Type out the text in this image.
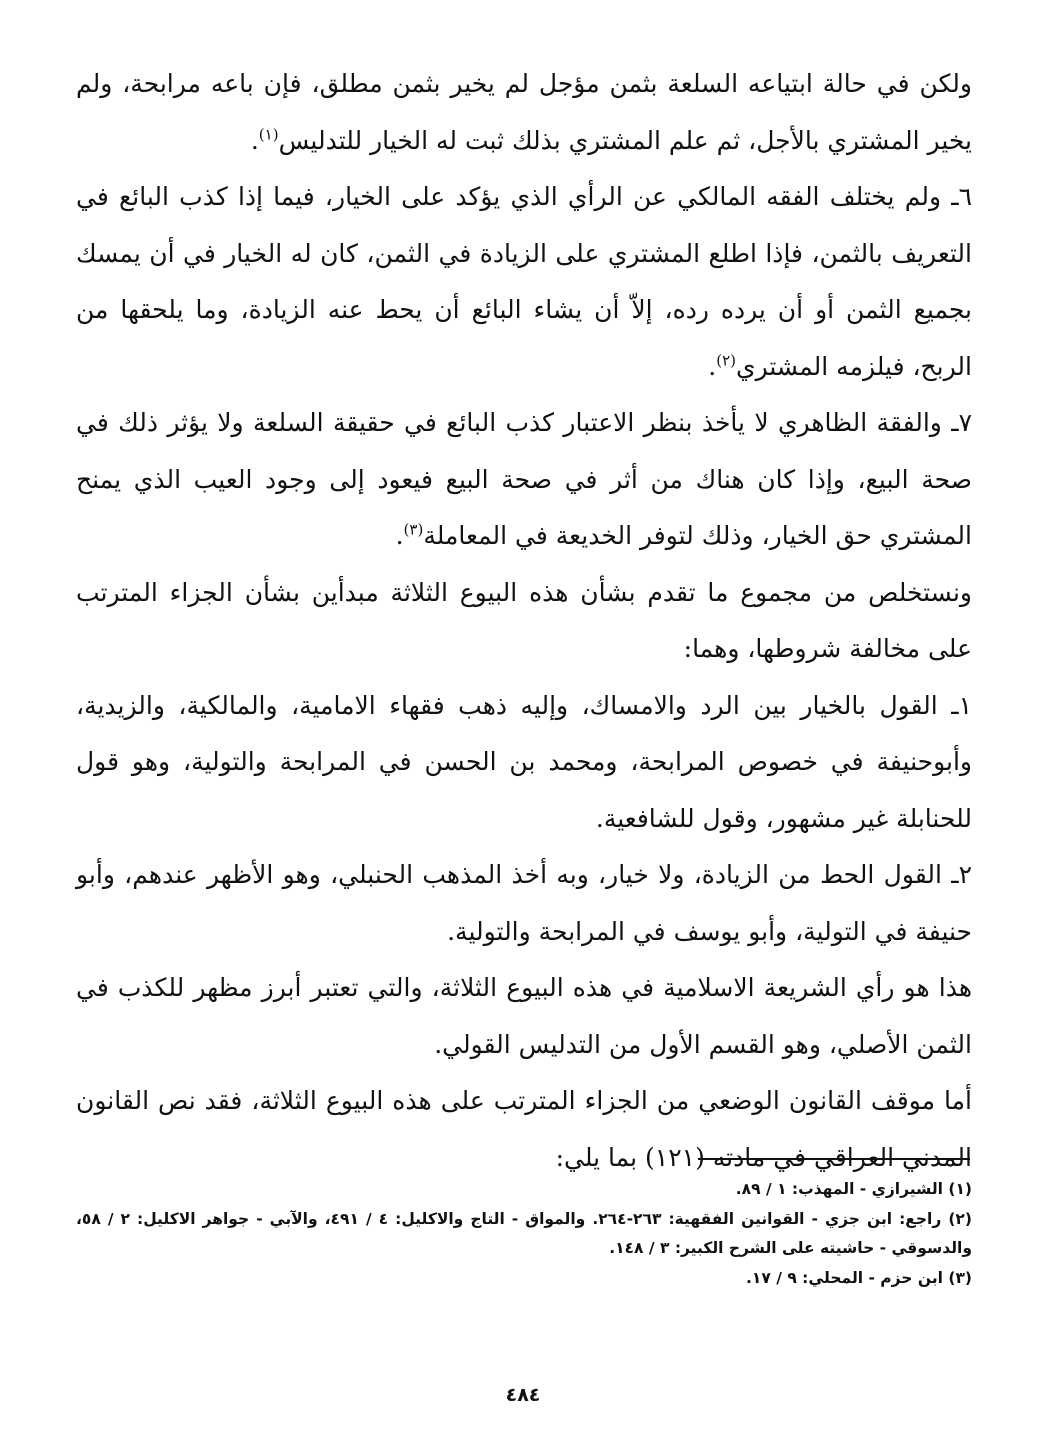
ولكن في حالة ابتياعه السلعة بثمن مؤجل لم يخير بثمن مطلق، فإن باعه مرابحة، ولم يخير المشتري بالأجل، ثم علم المشتري بذلك ثبت له الخيار للتدليس$^{(١)}$.

٦ـ ولم يختلف الفقه المالكي عن الرأي الذي يؤكد على الخيار، فيما إذا كذب البائع في التعريف بالثمن، فإذا اطلع المشتري على الزيادة في الثمن، كان له الخيار في أن يمسك بجميع الثمن أو أن يرده رده، إلاّ أن يشاء البائع أن يحط عنه الزيادة، وما يلحقها من الربح، فيلزمه المشتري$^{(٢)}$.

٧ـ والفقة الظاهري لا يأخذ بنظر الاعتبار كذب البائع في حقيقة السلعة ولا يؤثر ذلك في صحة البيع، وإذا كان هناك من أثر في صحة البيع فيعود إلى وجود العيب الذي يمنح المشتري حق الخيار، وذلك لتوفر الخديعة في المعاملة$^{(٣)}$.

ونستخلص من مجموع ما تقدم بشأن هذه البيوع الثلاثة مبدأين بشأن الجزاء المترتب على مخالفة شروطها، وهما:

١ـ القول بالخيار بين الرد والامساك، وإليه ذهب فقهاء الامامية، والمالكية، والزيدية، وأبوحنيفة في خصوص المرابحة، ومحمد بن الحسن في المرابحة والتولية، وهو قول للحنابلة غير مشهور، وقول للشافعية.

٢ـ القول الحط من الزيادة، ولا خيار، وبه أخذ المذهب الحنبلي، وهو الأظهر عندهم، وأبو حنيفة في التولية، وأبو يوسف في المرابحة والتولية.

هذا هو رأي الشريعة الاسلامية في هذه البيوع الثلاثة، والتي تعتبر أبرز مظهر للكذب في الثمن الأصلي، وهو القسم الأول من التدليس القولي.

أما موقف القانون الوضعي من الجزاء المترتب على هذه البيوع الثلاثة، فقد نص القانون المدني العراقي في مادته (١٢١) بما يلي:

(١) الشيرازي - المهذب: ١ / ٨٩.

(٢) راجع: ابن جزي - القوانين الفقهية: ٢٦٣-٢٦٤. والمواق - التاج والاكليل: ٤ / ٤٩١، والآبي - جواهر الاكليل: ٢ / ٥٨، والدسوقي - حاشيته على الشرح الكبير: ٣ / ١٤٨.

(٣) ابن حزم - المحلي: ٩ / ١٧.

٤٨٤
